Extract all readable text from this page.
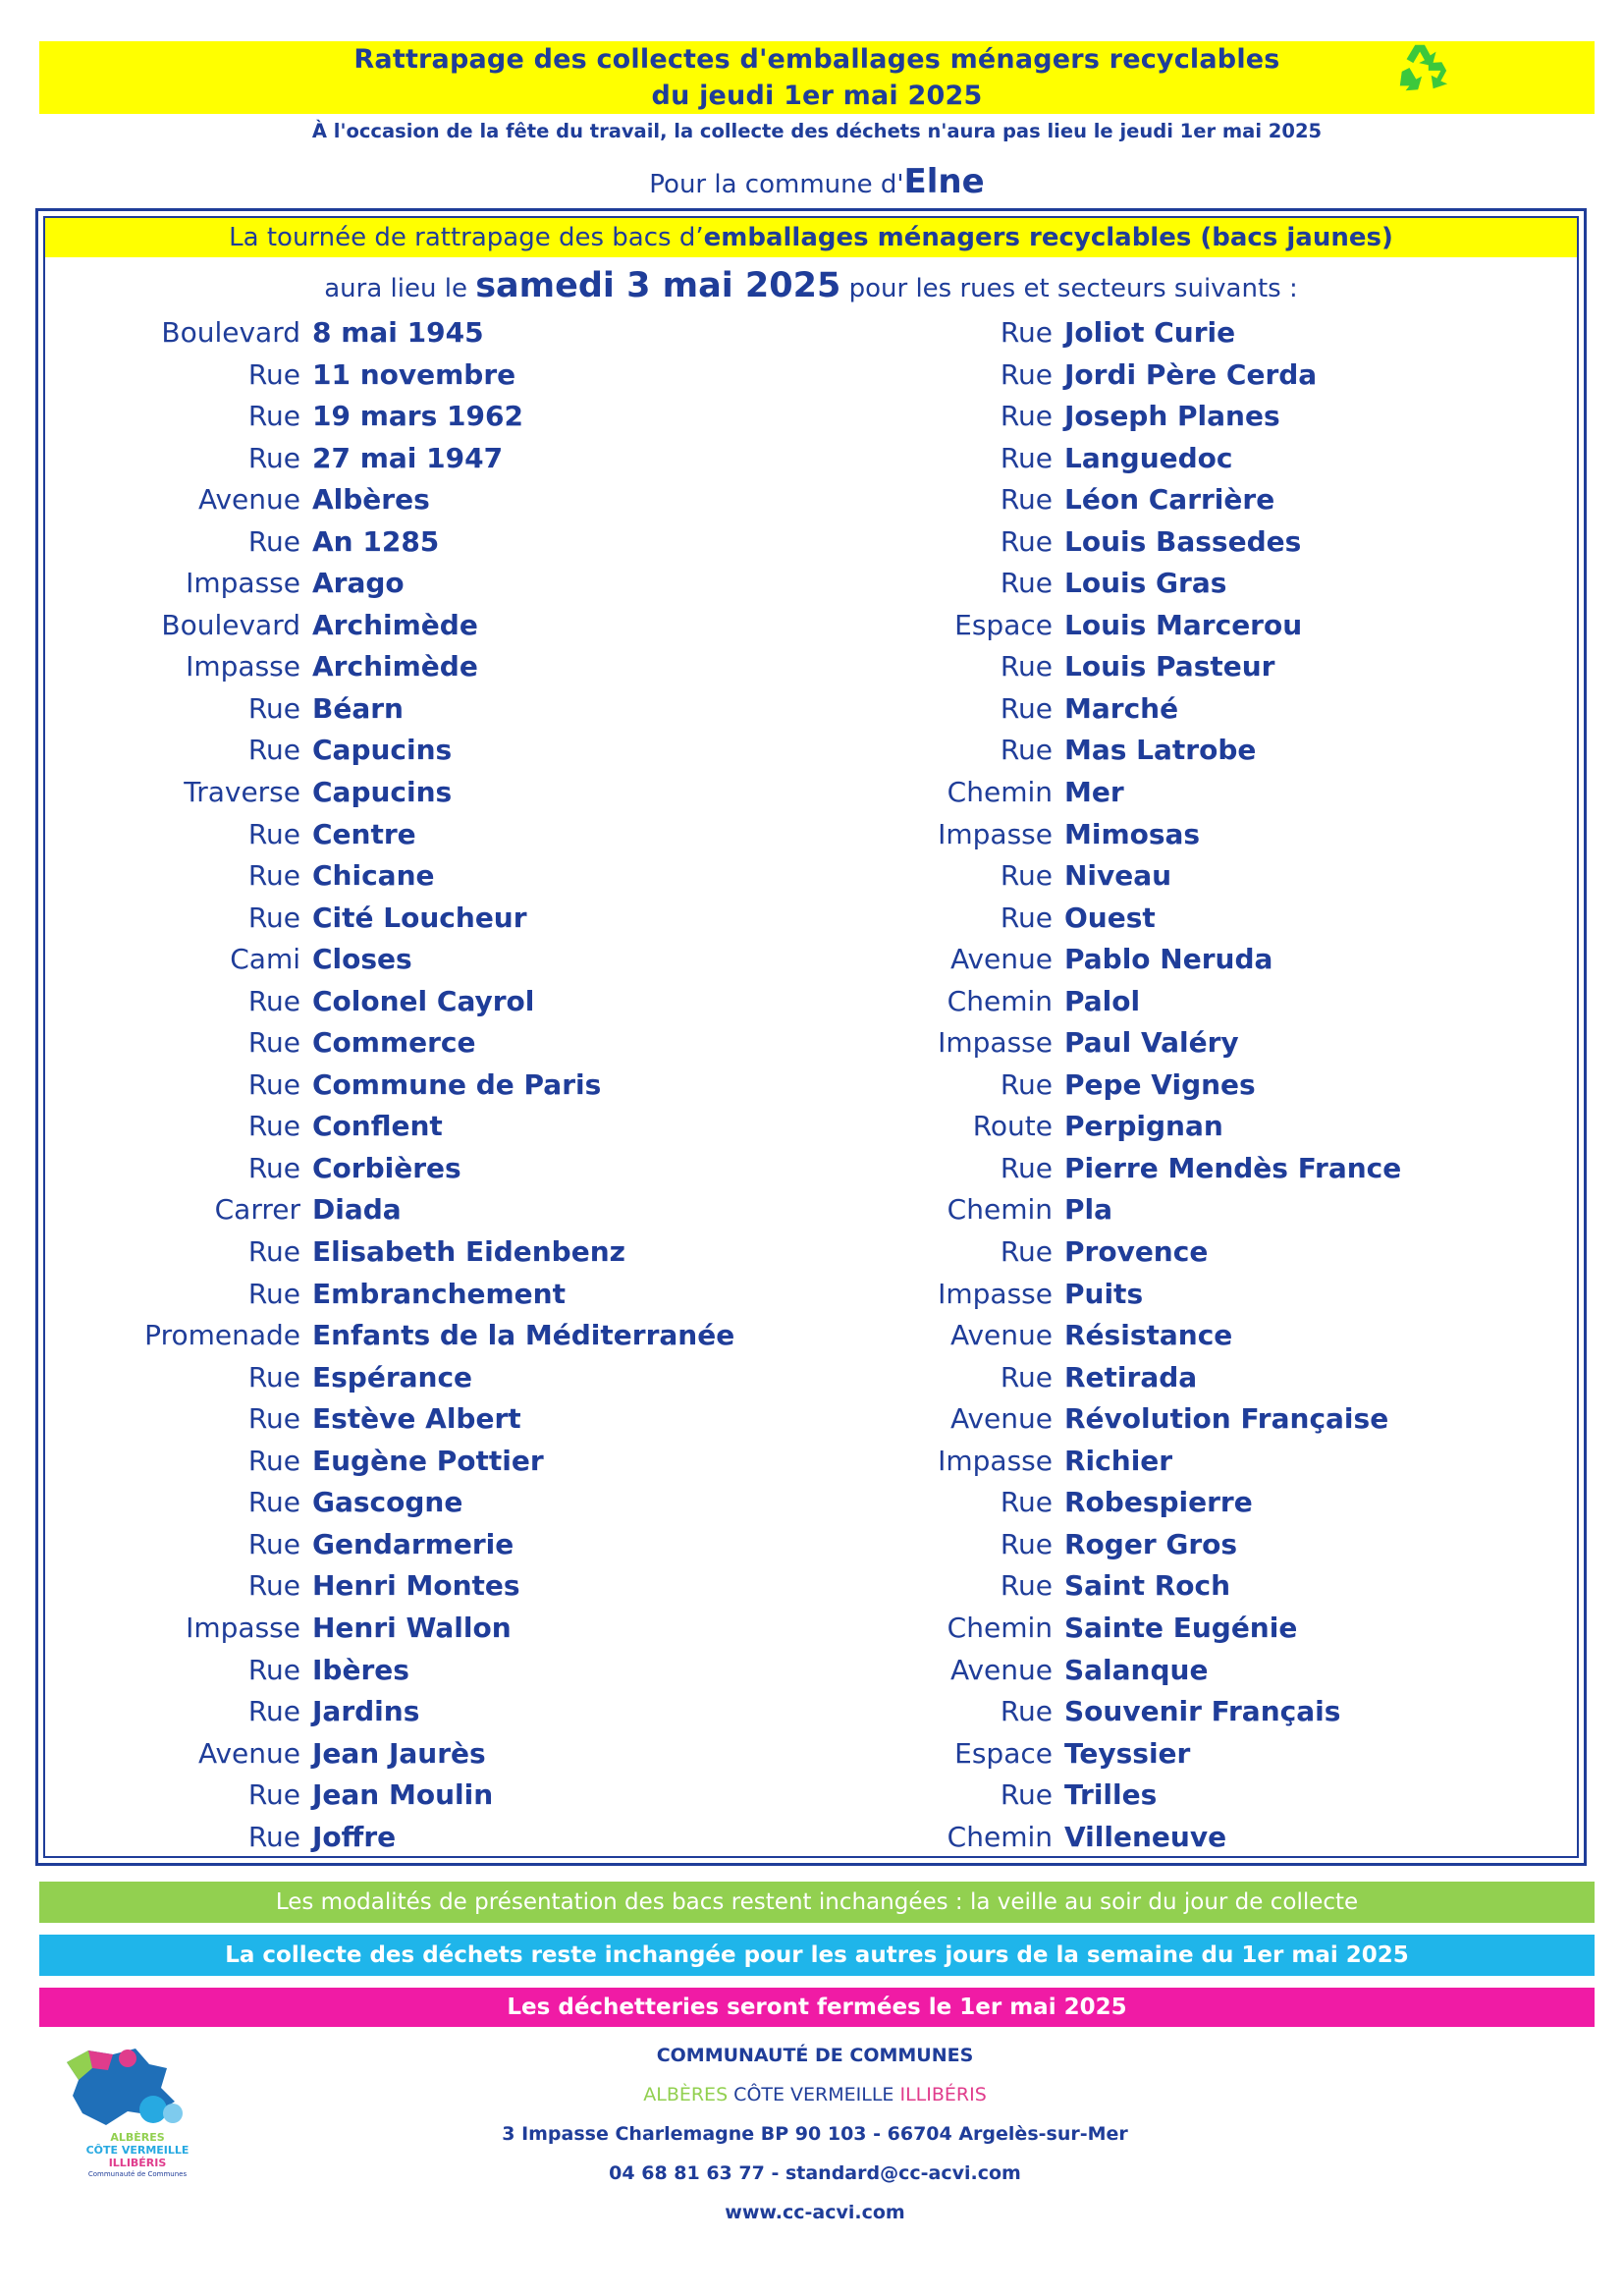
Rattrapage des collectes d'emballages ménagers recyclables
du jeudi 1er mai 2025
À l'occasion de la fête du travail, la collecte des déchets n'aura pas lieu le jeudi 1er mai 2025
Pour la commune d'Elne
La tournée de rattrapage des bacs d’emballages ménagers recyclables (bacs jaunes)
aura lieu le samedi 3 mai 2025 pour les rues et secteurs suivants :
Boulevard 8 mai 1945
Rue 11 novembre
Rue 19 mars 1962
Rue 27 mai 1947
Avenue Albères
Rue An 1285
Impasse Arago
Boulevard Archimède
Impasse Archimède
Rue Béarn
Rue Capucins
Traverse Capucins
Rue Centre
Rue Chicane
Rue Cité Loucheur
Cami Closes
Rue Colonel Cayrol
Rue Commerce
Rue Commune de Paris
Rue Conflent
Rue Corbières
Carrer Diada
Rue Elisabeth Eidenbenz
Rue Embranchement
Promenade Enfants de la Méditerranée
Rue Espérance
Rue Estève Albert
Rue Eugène Pottier
Rue Gascogne
Rue Gendarmerie
Rue Henri Montes
Impasse Henri Wallon
Rue Ibères
Rue Jardins
Avenue Jean Jaurès
Rue Jean Moulin
Rue Joffre
Rue Joliot Curie
Rue Jordi Père Cerda
Rue Joseph Planes
Rue Languedoc
Rue Léon Carrière
Rue Louis Bassedes
Rue Louis Gras
Espace Louis Marcerou
Rue Louis Pasteur
Rue Marché
Rue Mas Latrobe
Chemin Mer
Impasse Mimosas
Rue Niveau
Rue Ouest
Avenue Pablo Neruda
Chemin Palol
Impasse Paul Valéry
Rue Pepe Vignes
Route Perpignan
Rue Pierre Mendès France
Chemin Pla
Rue Provence
Impasse Puits
Avenue Résistance
Rue Retirada
Avenue Révolution Française
Impasse Richier
Rue Robespierre
Rue Roger Gros
Rue Saint Roch
Chemin Sainte Eugénie
Avenue Salanque
Rue Souvenir Français
Espace Teyssier
Rue Trilles
Chemin Villeneuve
Les modalités de présentation des bacs restent inchangées : la veille au soir du jour de collecte
La collecte des déchets reste inchangée pour les autres jours de la semaine du 1er mai 2025
Les déchetteries seront fermées le 1er mai 2025
ALBÈRES
CÔTE VERMEILLE
ILLIBÉRIS
Communauté de Communes
COMMUNAUTÉ DE COMMUNES
ALBÈRES CÔTE VERMEILLE ILLIBÉRIS
3 Impasse Charlemagne BP 90 103 - 66704 Argelès-sur-Mer
04 68 81 63 77 - standard@cc-acvi.com
www.cc-acvi.com
